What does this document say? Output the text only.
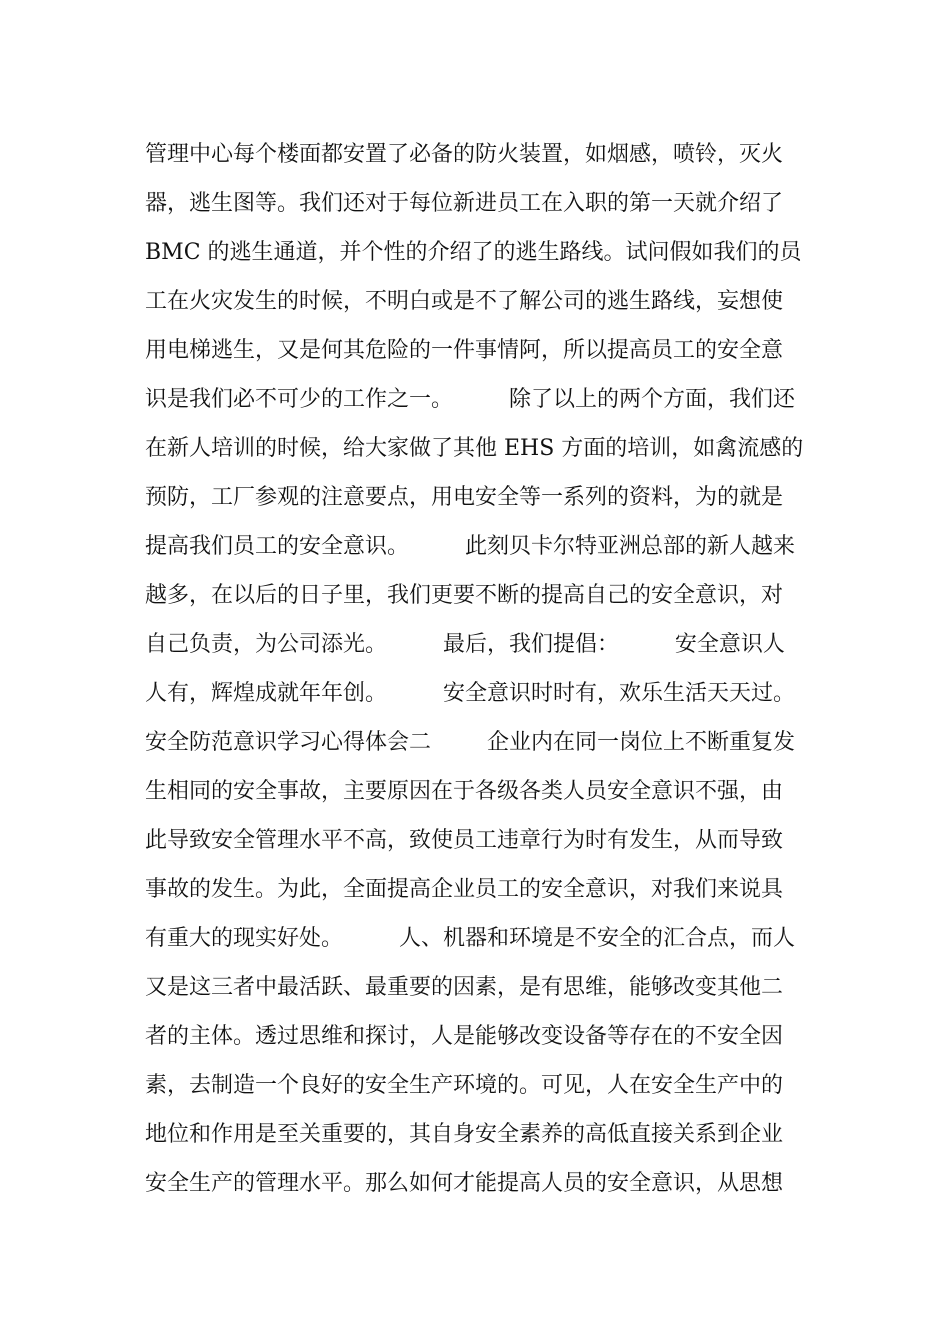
管理中心每个楼面都安置了必备的防火装置，如烟感，喷铃，灭火
器，逃生图等。我们还对于每位新进员工在入职的第一天就介绍了
BMC 的逃生通道，并个性的介绍了的逃生路线。试问假如我们的员
工在火灾发生的时候，不明白或是不了解公司的逃生路线，妄想使
用电梯逃生，又是何其危险的一件事情阿，所以提高员工的安全意
识是我们必不可少的工作之一。        除了以上的两个方面，我们还
在新人培训的时候，给大家做了其他 EHS 方面的培训，如禽流感的
预防，工厂参观的注意要点，用电安全等一系列的资料，为的就是
提高我们员工的安全意识。        此刻贝卡尔特亚洲总部的新人越来
越多，在以后的日子里，我们更要不断的提高自己的安全意识，对
自己负责，为公司添光。        最后，我们提倡：        安全意识人
人有，辉煌成就年年创。        安全意识时时有，欢乐生活天天过。
安全防范意识学习心得体会二        企业内在同一岗位上不断重复发
生相同的安全事故，主要原因在于各级各类人员安全意识不强，由
此导致安全管理水平不高，致使员工违章行为时有发生，从而导致
事故的发生。为此，全面提高企业员工的安全意识，对我们来说具
有重大的现实好处。        人、机器和环境是不安全的汇合点，而人
又是这三者中最活跃、最重要的因素，是有思维，能够改变其他二
者的主体。透过思维和探讨，人是能够改变设备等存在的不安全因
素，去制造一个良好的安全生产环境的。可见，人在安全生产中的
地位和作用是至关重要的，其自身安全素养的高低直接关系到企业
安全生产的管理水平。那么如何才能提高人员的安全意识，从思想
